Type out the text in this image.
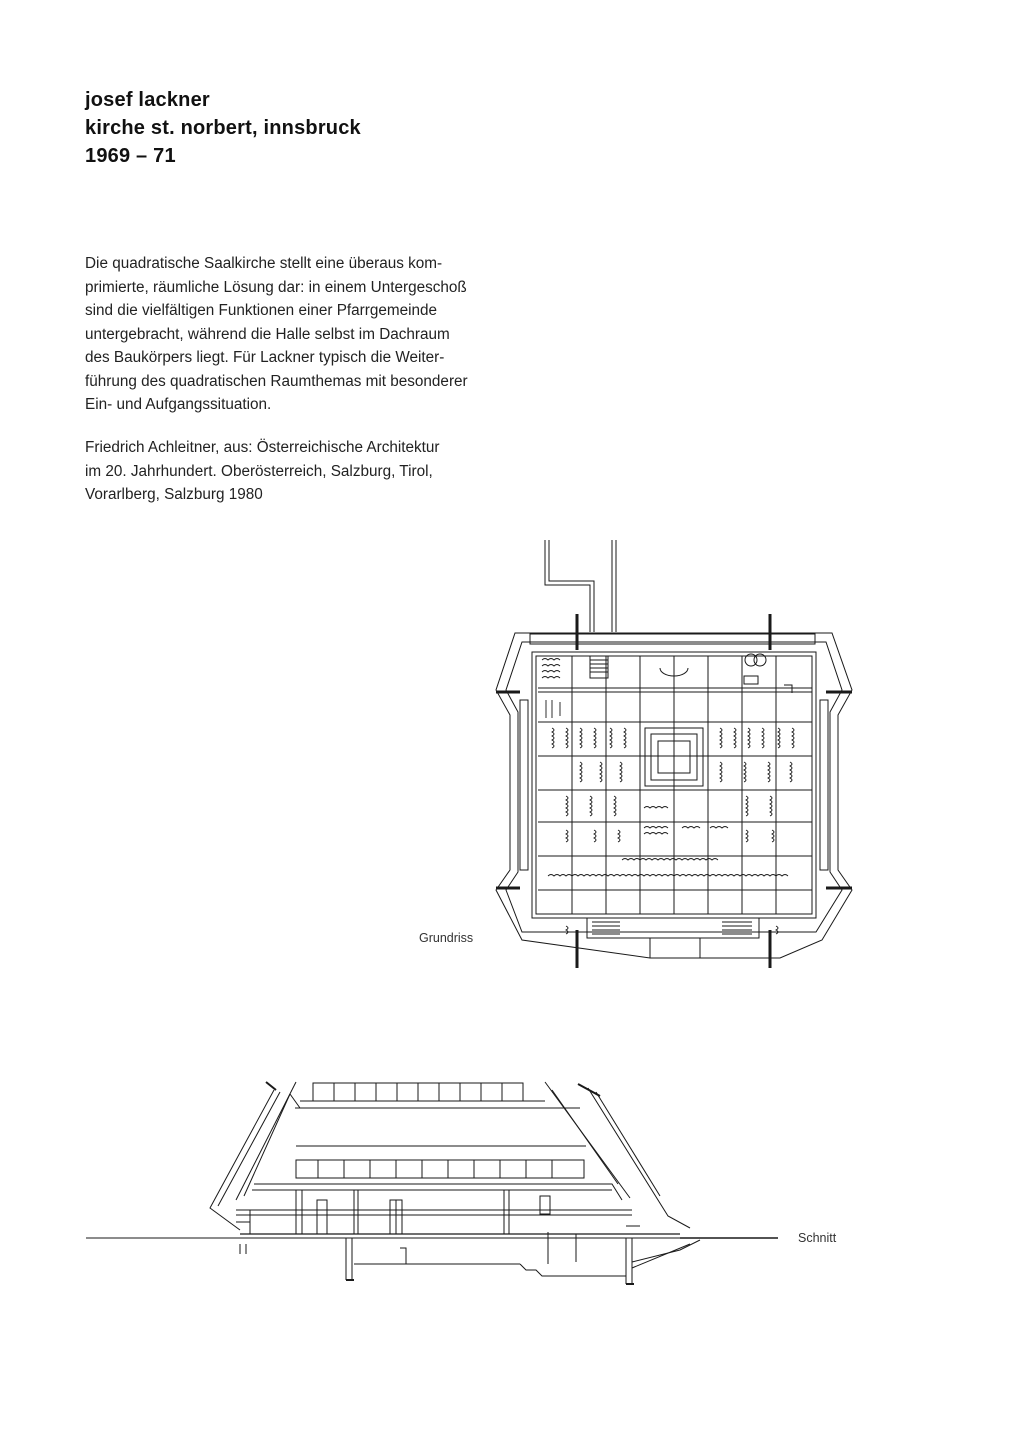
josef lackner
kirche st. norbert, innsbruck
1969 – 71
Die quadratische Saalkirche stellt eine überaus kom-
primierte, räumliche Lösung dar: in einem Untergeschoß
sind die vielfältigen Funktionen einer Pfarrgemeinde
untergebracht, während die Halle selbst im Dachraum
des Baukörpers liegt. Für Lackner typisch die Weiter-
führung des quadratischen Raumthemas mit besonderer
Ein- und Aufgangssituation.
Friedrich Achleitner, aus: Österreichische Architektur
im 20. Jahrhundert. Oberösterreich, Salzburg, Tirol,
Vorarlberg, Salzburg 1980
Grundriss
Schnitt
